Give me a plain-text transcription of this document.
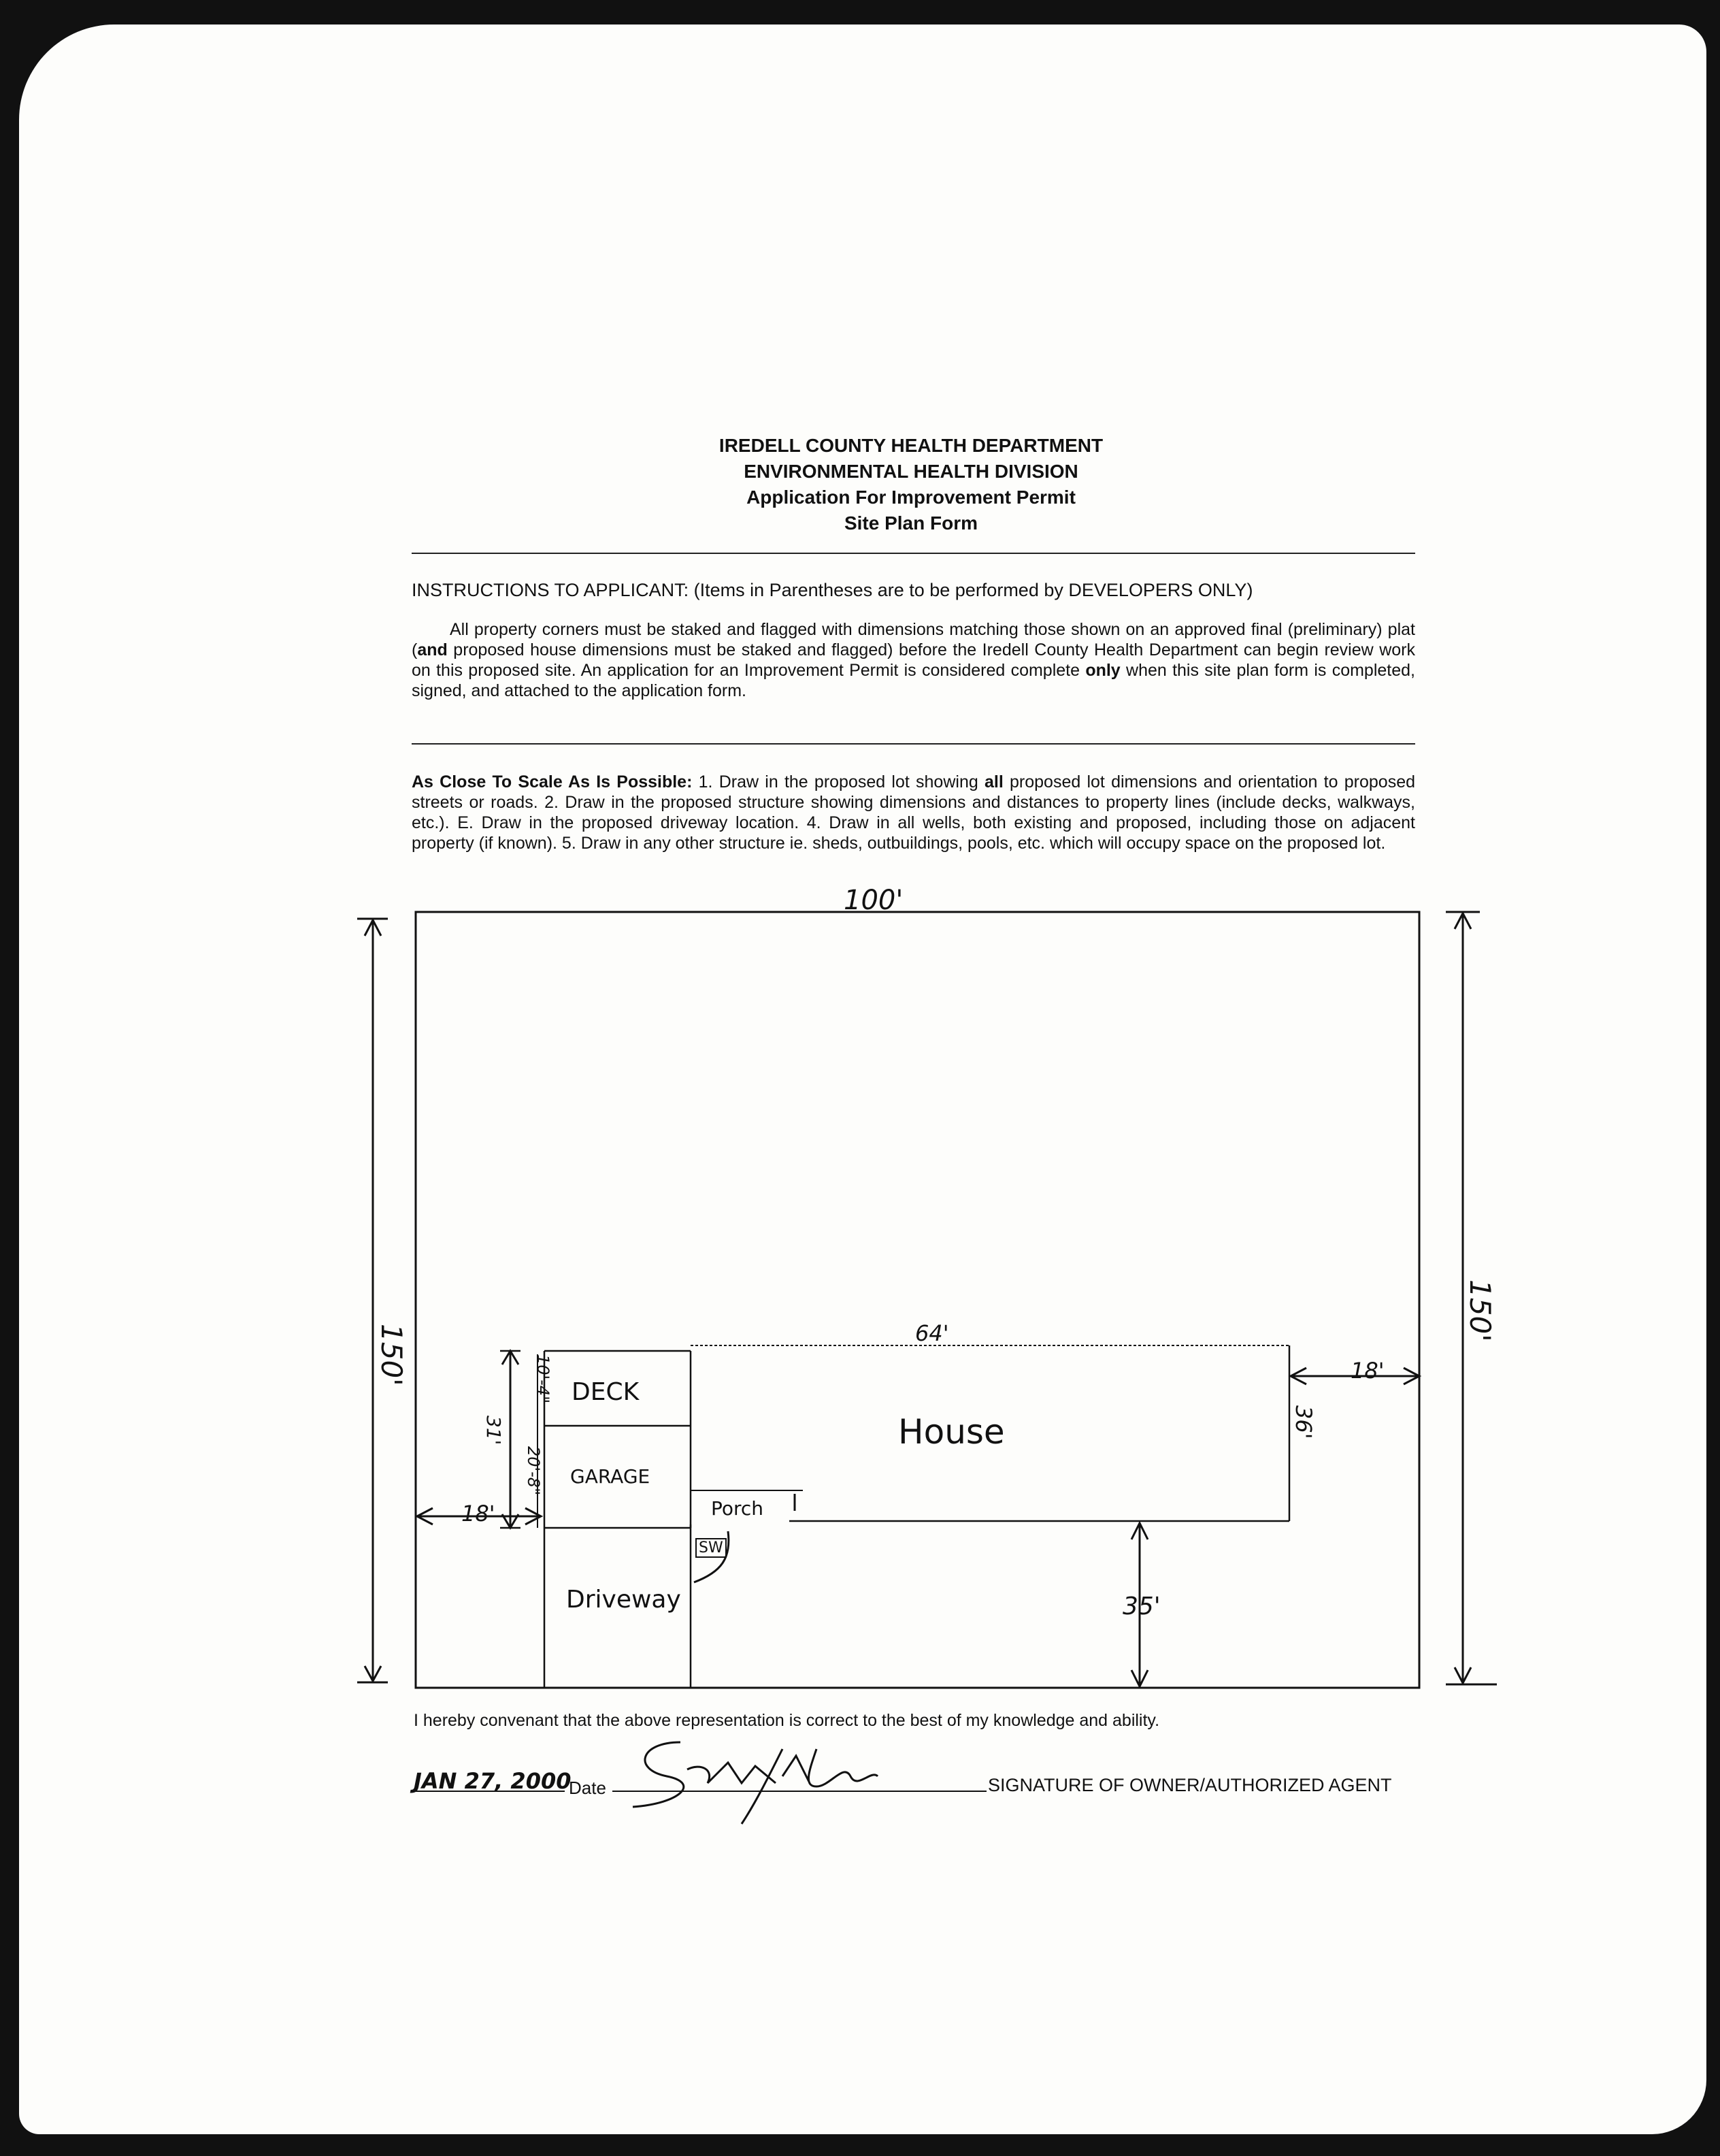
IREDELL COUNTY HEALTH DEPARTMENT
ENVIRONMENTAL HEALTH DIVISION
Application For Improvement Permit
Site Plan Form
INSTRUCTIONS TO APPLICANT: (Items in Parentheses are to be performed by DEVELOPERS ONLY)
All property corners must be staked and flagged with dimensions matching those shown on an approved final (preliminary) plat (and proposed house dimensions must be staked and flagged) before the Iredell County Health Department can begin review work on this proposed site. An application for an Improvement Permit is considered complete only when this site plan form is completed, signed, and attached to the application form.
As Close To Scale As Is Possible: 1. Draw in the proposed lot showing all proposed lot dimensions and orientation to proposed streets or roads. 2. Draw in the proposed structure showing dimensions and distances to property lines (include decks, walkways, etc.). E. Draw in the proposed driveway location. 4. Draw in all wells, both existing and proposed, including those on adjacent property (if known). 5. Draw in any other structure ie. sheds, outbuildings, pools, etc. which will occupy space on the proposed lot.
100'
150'
150'
64'
36'
18'
18'
35'
31'
10'-4"
20'-8"
DECK
GARAGE
House
Porch
SW
Driveway
I hereby convenant that the above representation is correct to the best of my knowledge and ability.
JAN 27, 2000
Date	SIGNATURE OF OWNER/AUTHORIZED AGENT
